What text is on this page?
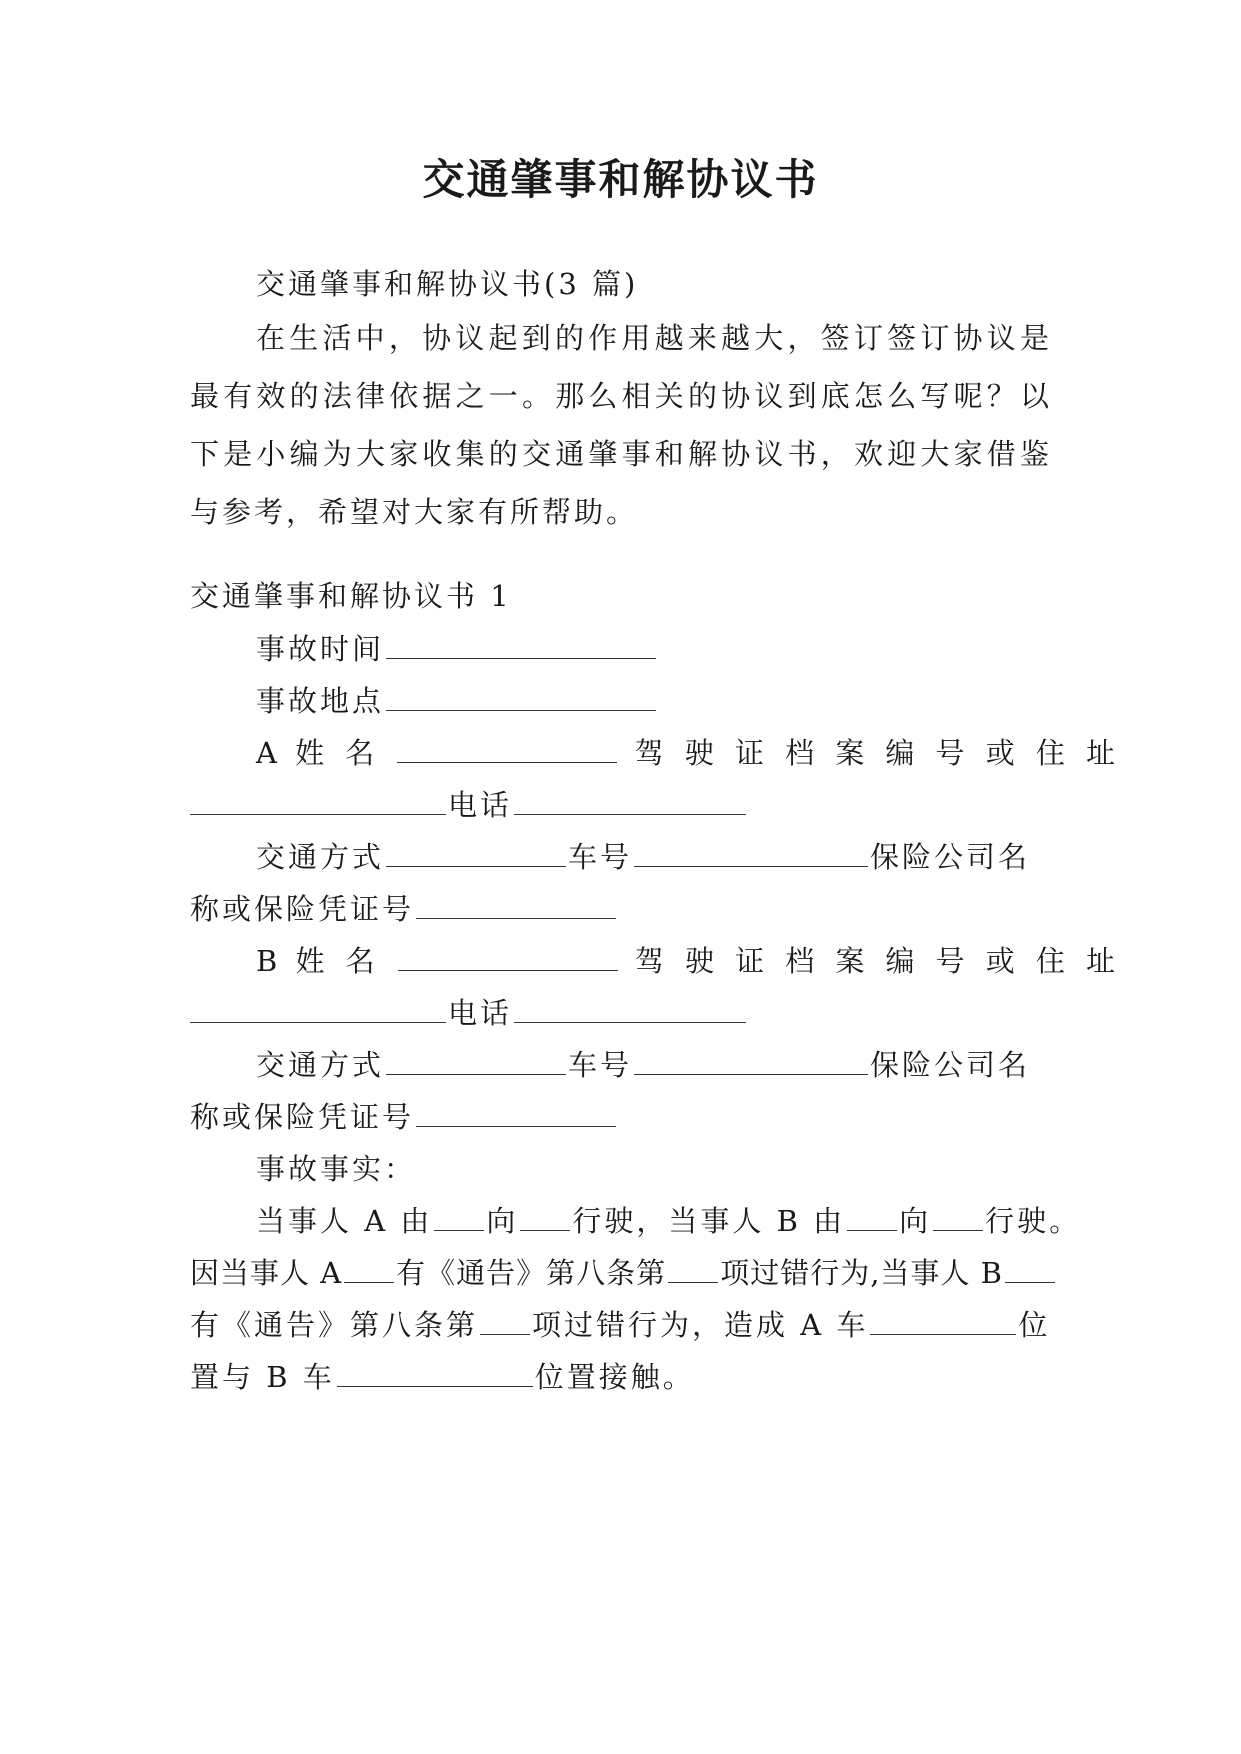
交通肇事和解协议书
交通肇事和解协议书(3 篇)
在生活中，协议起到的作用越来越大，签订签订协议是最有效的法律依据之一。那么相关的协议到底怎么写呢？以下是小编为大家收集的交通肇事和解协议书，欢迎大家借鉴与参考，希望对大家有所帮助。
交通肇事和解协议书 1
事故时间
事故地点
A 姓 名	驾 驶 证 档 案 编 号 或 住 址
电话
交通方式	车号	保险公司名
称或保险凭证号
B 姓 名	驾 驶 证 档 案 编 号 或 住 址
电话
交通方式	车号	保险公司名
称或保险凭证号
事故事实：
当事人 A 由 向 行驶，当事人 B 由 向 行驶。
因当事人 A 有《通告》第八条第 项过错行为,当事人 B
有《通告》第八条第 项过错行为，造成 A 车	位
置与 B 车	位置接触。
